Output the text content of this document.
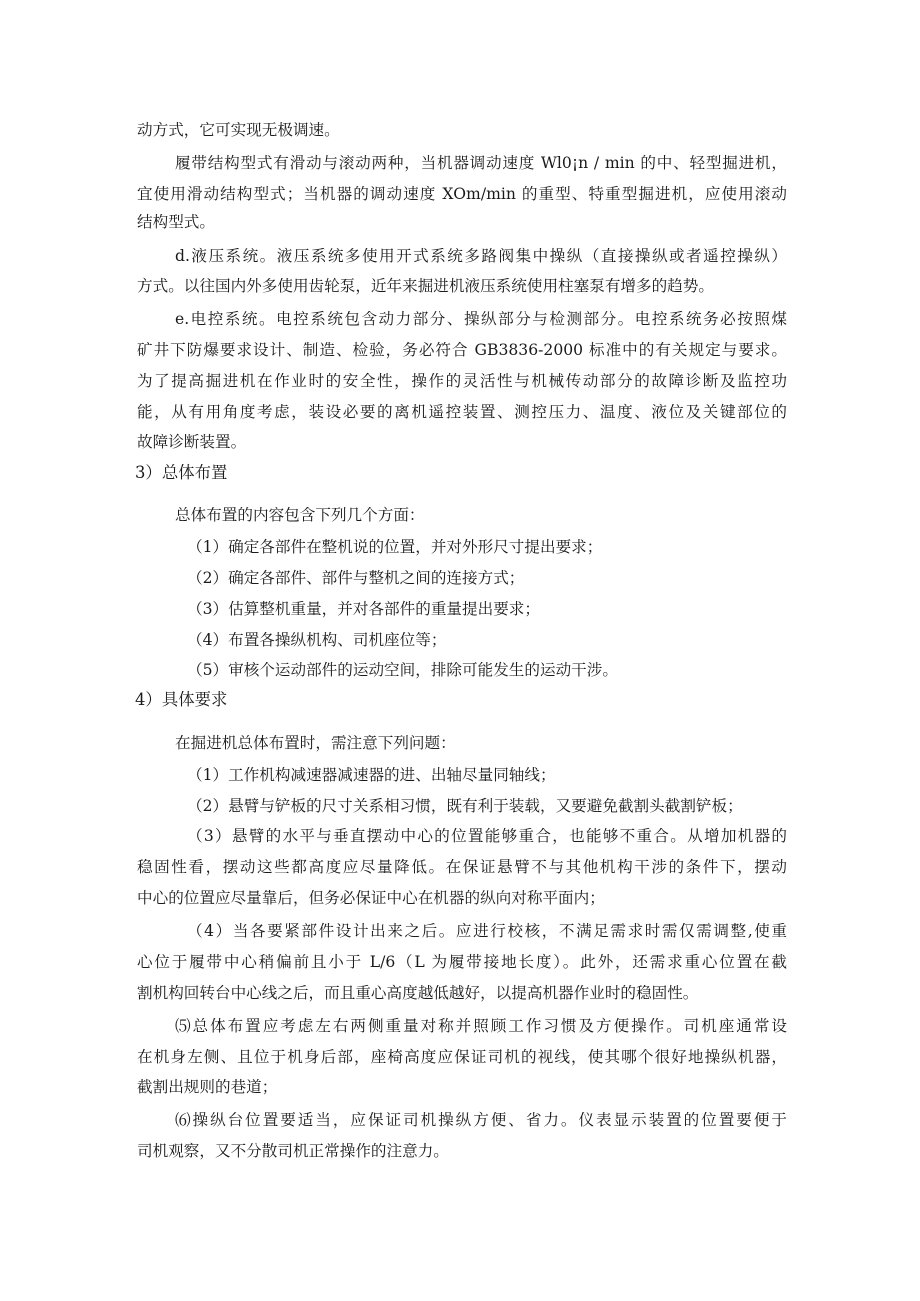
动方式，它可实现无极调速。
履带结构型式有滑动与滚动两种，当机器调动速度 Wl0¡n / min 的中、轻型掘进机，
宜使用滑动结构型式；当机器的调动速度 XOm/min 的重型、特重型掘进机，应使用滚动
结构型式。
d.液压系统。液压系统多使用开式系统多路阀集中操纵（直接操纵或者遥控操纵）
方式。以往国内外多使用齿轮泵，近年来掘进机液压系统使用柱塞泵有增多的趋势。
e.电控系统。电控系统包含动力部分、操纵部分与检测部分。电控系统务必按照煤
矿井下防爆要求设计、制造、检验，务必符合 GB3836-2000 标准中的有关规定与要求。
为了提高掘进机在作业时的安全性，操作的灵活性与机械传动部分的故障诊断及监控功
能，从有用角度考虑，装设必要的离机遥控装置、测控压力、温度、液位及关键部位的
故障诊断装置。
3）总体布置
总体布置的内容包含下列几个方面：
（1）确定各部件在整机说的位置，并对外形尺寸提出要求；
（2）确定各部件、部件与整机之间的连接方式；
（3）估算整机重量，并对各部件的重量提出要求；
（4）布置各操纵机构、司机座位等；
（5）审核个运动部件的运动空间，排除可能发生的运动干涉。
4）具体要求
在掘进机总体布置时，需注意下列问题：
（1）工作机构减速器减速器的进、出轴尽量同轴线；
（2）悬臂与铲板的尺寸关系相习惯，既有利于装载，又要避免截割头截割铲板；
（3）悬臂的水平与垂直摆动中心的位置能够重合，也能够不重合。从增加机器的
稳固性看，摆动这些都高度应尽量降低。在保证悬臂不与其他机构干涉的条件下，摆动
中心的位置应尽量靠后，但务必保证中心在机器的纵向对称平面内；
（4）当各要紧部件设计出来之后。应进行校核，不满足需求时需仅需调整,使重
心位于履带中心稍偏前且小于 L/6（L 为履带接地长度）。此外，还需求重心位置在截
割机构回转台中心线之后，而且重心高度越低越好，以提高机器作业时的稳固性。
⑸总体布置应考虑左右两侧重量对称并照顾工作习惯及方便操作。司机座通常设
在机身左侧、且位于机身后部，座椅高度应保证司机的视线，使其哪个很好地操纵机器，
截割出规则的巷道；
⑹操纵台位置要适当，应保证司机操纵方便、省力。仪表显示装置的位置要便于
司机观察，又不分散司机正常操作的注意力。
